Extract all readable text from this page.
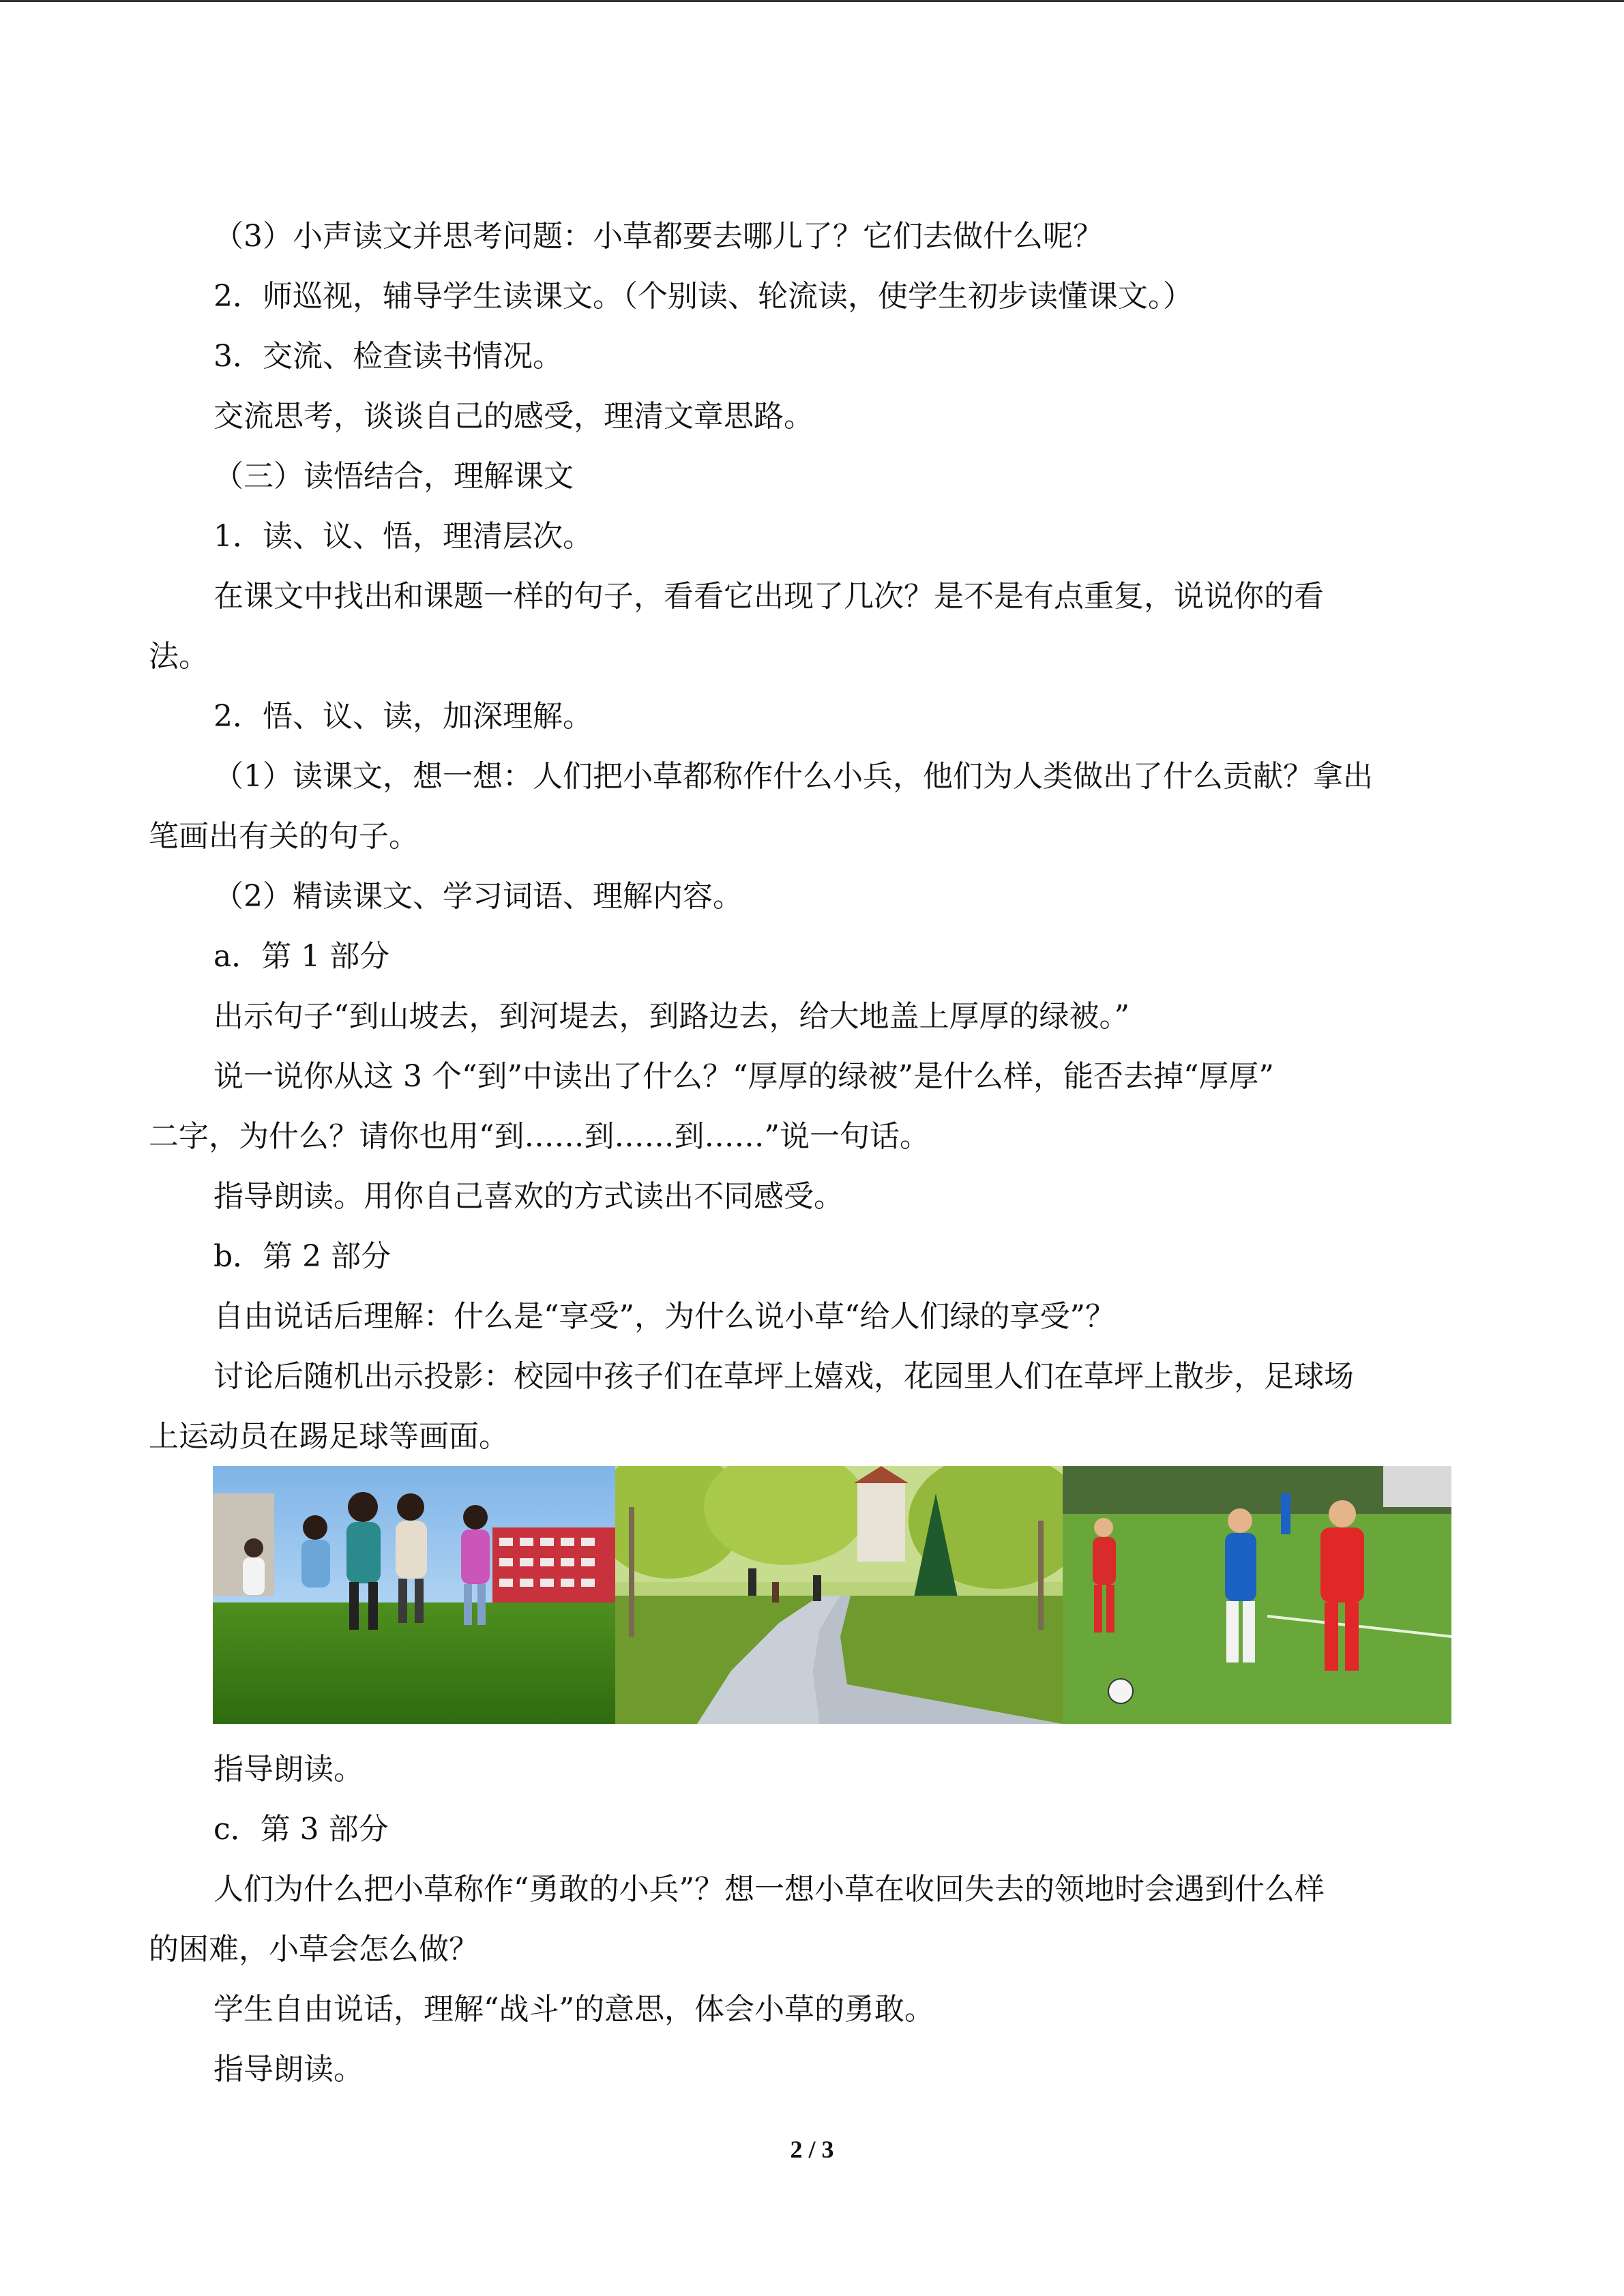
（3）小声读文并思考问题：小草都要去哪儿了？它们去做什么呢？
2．师巡视，辅导学生读课文。（个别读、轮流读，使学生初步读懂课文。）
3．交流、检查读书情况。
交流思考，谈谈自己的感受，理清文章思路。
（三）读悟结合，理解课文
1．读、议、悟，理清层次。
在课文中找出和课题一样的句子，看看它出现了几次？是不是有点重复，说说你的看
法。
2．悟、议、读，加深理解。
（1）读课文，想一想：人们把小草都称作什么小兵，他们为人类做出了什么贡献？拿出
笔画出有关的句子。
（2）精读课文、学习词语、理解内容。
a．第 1 部分
出示句子“到山坡去，到河堤去，到路边去，给大地盖上厚厚的绿被。”
说一说你从这 3 个“到”中读出了什么？“厚厚的绿被”是什么样，能否去掉“厚厚”
二字，为什么？请你也用“到……到……到……”说一句话。
指导朗读。用你自己喜欢的方式读出不同感受。
b．第 2 部分
自由说话后理解：什么是“享受”，为什么说小草“给人们绿的享受”？
讨论后随机出示投影：校园中孩子们在草坪上嬉戏，花园里人们在草坪上散步，足球场
上运动员在踢足球等画面。
指导朗读。
c．第 3 部分
人们为什么把小草称作“勇敢的小兵”？想一想小草在收回失去的领地时会遇到什么样
的困难，小草会怎么做？
学生自由说话，理解“战斗”的意思，体会小草的勇敢。
指导朗读。
2 / 3
